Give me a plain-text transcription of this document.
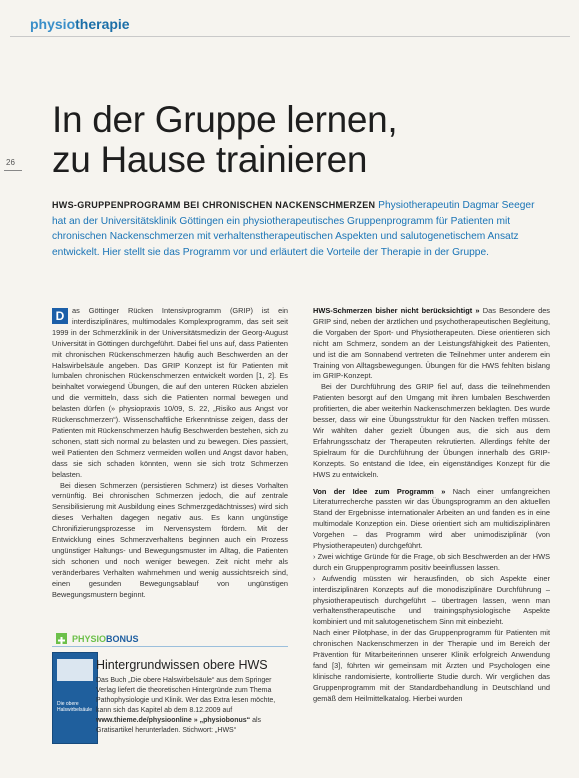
physiotherapie
26
In der Gruppe lernen,
zu Hause trainieren
HWS-GRUPPENPROGRAMM BEI CHRONISCHEN NACKENSCHMERZEN Physiotherapeutin Dagmar Seeger hat an der Universitätsklinik Göttingen ein physiotherapeutisches Gruppenprogramm für Patienten mit chronischen Nackenschmerzen mit verhaltenstherapeutischen Aspekten und salutogenetischem Ansatz entwickelt. Hier stellt sie das Programm vor und erläutert die Vorteile der Therapie in der Gruppe.
D	as Göttinger Rücken Intensivprogramm (GRIP) ist ein interdisziplinäres, multimodales Komplexprogramm, das seit seit 1999 in der Schmerzklinik in der Universitätsmedizin der Georg-August Universität in Göttingen durchgeführt. Dabei fiel uns auf, dass Patienten mit chronischen Rückenschmerzen häufig auch Beschwerden an der Halswirbelsäule angeben. Das GRIP Konzept ist für Patienten mit lumbalen chronischen Rückenschmerzen entwickelt worden [1, 2]. Es beinhaltet vorwiegend Übungen, die auf den unteren Rücken abzielen und die vermitteln, dass sich die Patienten normal bewegen und belasten dürfen (» physiopraxis 10/09, S. 22, „Risiko aus Angst vor Rückenschmerzen“). Wissenschaftliche Erkenntnisse zeigen, dass der Patienten mit Rückenschmerzen häufig Beschwerden bestehen, sich zu schonen, statt sich normal zu belasten und zu bewegen. Dies passiert, weil Patienten den Schmerz vermeiden wollen und Angst davor haben, dass sie sich schaden könnten, wenn sie sich trotz Schmerzen belasten.

Bei diesen Schmerzen (persistieren Schmerz) ist dieses Vorhalten vernünftig. Bei chronischen Schmerzen jedoch, die auf zentrale Sensibilisierung mit Ausbildung eines Schmerzgedächtnisses) wird sich dieses Verhalten dagegen negativ aus. Es kann ungünstige Chronifizierungsprozesse im Nervensystem fördern. Mit der Entwicklung eines Schmerzverhaltens beginnen auch ein Prozess ungünstiger Haltungs- und Bewegungsmuster im Alltag, die Patienten sich schonen und noch weniger bewegen. Zeit nicht mehr als veränderbares Verhalten wahrnehmen und wenig aussichtsreich sind, einen gesunden Bewegungsablauf von ungünstigen Bewegungsmustern beginnt.

HWS-Schmerzen bisher nicht berücksichtigt » Das Besondere des GRIP sind, neben der ärztlichen und psychotherapeutischen Begleitung, die Vorgaben der Sport- und Physiotherapeuten. Diese orientieren sich nicht am Schmerz, sondern an der Leistungsfähigkeit des Patienten, und ist die am Sonnabend vertreten die Teilnehmer unter anderem ein Training von Alltagsbewegungen. Übungen für die HWS fehlten bislang im GRIP-Konzept.

Bei der Durchführung des GRIP fiel auf, dass die teilnehmenden Patienten besorgt auf den Umgang mit ihren lumbalen Beschwerden profitierten, die aber weiterhin Nackenschmerzen beklagten. Des wurde besser, dass wir eine Übungsstruktur für den Nacken treffen müssen. Wir wählten daher gezielt Übungen aus, die sich aus dem Erfahrungsschatz der Therapeuten rekrutierten. Allerdings fehlte der Spielraum für die Durchführung der Übungen innerhalb des GRIP-Konzepts. So entstand die Idee, ein eigenständiges Konzept für die HWS zu entwickeln.

Von der Idee zum Programm » Nach einer umfangreichen Literaturrecherche passten wir das Übungsprogramm an den aktuellen Stand der Ergebnisse internationaler Arbeiten an und fanden es in eine multimodale Konzeption ein. Diese orientiert sich am multidisziplinären Vorgehen – das Programm wird aber unimodisziplinär (von Physiotherapeuten) durchgeführt.

› Zwei wichtige Gründe für die Frage, ob sich Beschwerden an der HWS durch ein Gruppenprogramm positiv beeinflussen lassen.

› Aufwendig müssten wir herausfinden, ob sich Aspekte einer interdisziplinären Konzepts auf die monodisziplinäre Durchführung – physiotherapeutisch durchgeführt – übertragen lassen, wenn man verhaltenstherapeutische und trainingsphysiologische Aspekte kombiniert und mit salutogenetischem Sinn mit einbezieht.

Nach einer Pilotphase, in der das Gruppenprogramm für Patienten mit chronischen Nackenschmerzen in der Therapie und im Bereich der Prävention für Mitarbeiterinnen unserer Klinik erfolgreich Anwendung fand [3], führten wir gemeinsam mit Ärzten und Psychologen eine klinische randomisierte, kontrollierte Studie durch. Wir verglichen das Gruppenprogramm mit der Standardbehandlung in Deutschland und gemäß dem Heilmittelkatalog. Hierbei wurden

PHYSIOBONUS
Die obere Halswirbelsäule
Hintergrundwissen obere HWS
Das Buch „Die obere Halswirbelsäule“ aus dem Springer Verlag liefert die theoretischen Hintergründe zum Thema Pathophysiologie und Klinik. Wer das Extra lesen möchte, kann sich das Kapitel ab dem 8.12.2009 auf www.thieme.de/physioonline » „physiobonus“ als Gratisartikel herunterladen. Stichwort: „HWS“
